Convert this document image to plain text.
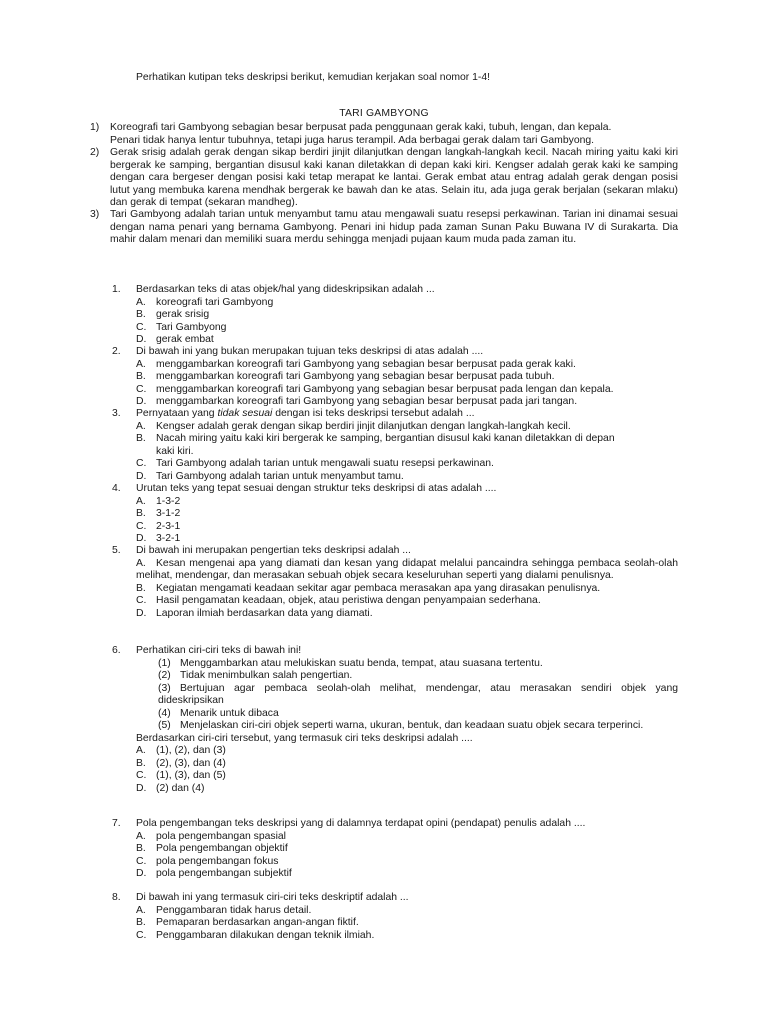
Perhatikan kutipan teks deskripsi berikut, kemudian kerjakan soal nomor 1-4!
TARI GAMBYONG
1) Koreografi tari Gambyong sebagian besar berpusat pada penggunaan gerak kaki, tubuh, lengan, dan kepala.

Penari tidak hanya lentur tubuhnya, tetapi juga harus terampil. Ada berbagai gerak dalam tari Gambyong.

2) Gerak srisig adalah gerak dengan sikap berdiri jinjit dilanjutkan dengan langkah-langkah kecil. Nacah miring yaitu kaki kiri bergerak ke samping, bergantian disusul kaki kanan diletakkan di depan kaki kiri. Kengser adalah gerak kaki ke samping dengan cara bergeser dengan posisi kaki tetap merapat ke lantai. Gerak embat atau entrag adalah gerak dengan posisi lutut yang membuka karena mendhak bergerak ke bawah dan ke atas. Selain itu, ada juga gerak berjalan (sekaran mlaku) dan gerak di tempat (sekaran mandheg).

3) Tari Gambyong adalah tarian untuk menyambut tamu atau mengawali suatu resepsi perkawinan. Tarian ini dinamai sesuai dengan nama penari yang bernama Gambyong. Penari ini hidup pada zaman Sunan Paku Buwana IV di Surakarta. Dia mahir dalam menari dan memiliki suara merdu sehingga menjadi pujaan kaum muda pada zaman itu.

1. Berdasarkan teks di atas objek/hal yang dideskripsikan adalah ...
A. koreografi tari Gambyong
B. gerak srisig
C. Tari Gambyong
D. gerak embat
2. Di bawah ini yang bukan merupakan tujuan teks deskripsi di atas adalah ....
A. menggambarkan koreografi tari Gambyong yang sebagian besar berpusat pada gerak kaki.
B. menggambarkan koreografi tari Gambyong yang sebagian besar berpusat pada tubuh.
C. menggambarkan koreografi tari Gambyong yang sebagian besar berpusat pada lengan dan kepala.
D. menggambarkan koreografi tari Gambyong yang sebagian besar berpusat pada jari tangan.
3. Pernyataan yang tidak sesuai dengan isi teks deskripsi tersebut adalah ...
A. Kengser adalah gerak dengan sikap berdiri jinjit dilanjutkan dengan langkah-langkah kecil.
B. Nacah miring yaitu kaki kiri bergerak ke samping, bergantian disusul kaki kanan diletakkan di depan
kaki kiri.
C. Tari Gambyong adalah tarian untuk mengawali suatu resepsi perkawinan.
D. Tari Gambyong adalah tarian untuk menyambut tamu.
4. Urutan teks yang tepat sesuai dengan struktur teks deskripsi di atas adalah ....
A. 1-3-2
B. 3-1-2
C. 2-3-1
D. 3-2-1
5. Di bawah ini merupakan pengertian teks deskripsi adalah ...
A. Kesan mengenai apa yang diamati dan kesan yang didapat melalui pancaindra sehingga pembaca seolah-olah melihat, mendengar, dan merasakan sebuah objek secara keseluruhan seperti yang dialami penulisnya.
B. Kegiatan mengamati keadaan sekitar agar pembaca merasakan apa yang dirasakan penulisnya.
C. Hasil pengamatan keadaan, objek, atau peristiwa dengan penyampaian sederhana.
D. Laporan ilmiah berdasarkan data yang diamati.
6. Perhatikan ciri-ciri teks di bawah ini!
(1) Menggambarkan atau melukiskan suatu benda, tempat, atau suasana tertentu.
(2) Tidak menimbulkan salah pengertian.
(3) Bertujuan agar pembaca seolah-olah melihat, mendengar, atau merasakan sendiri objek yang dideskripsikan
(4) Menarik untuk dibaca
(5) Menjelaskan ciri-ciri objek seperti warna, ukuran, bentuk, dan keadaan suatu objek secara terperinci.
Berdasarkan ciri-ciri tersebut, yang termasuk ciri teks deskripsi adalah ....
A. (1), (2), dan (3)
B. (2), (3), dan (4)
C. (1), (3), dan (5)
D. (2) dan (4)
7. Pola pengembangan teks deskripsi yang di dalamnya terdapat opini (pendapat) penulis adalah ....
A. pola pengembangan spasial
B. Pola pengembangan objektif
C. pola pengembangan fokus
D. pola pengembangan subjektif
8. Di bawah ini yang termasuk ciri-ciri teks deskriptif adalah ...
A. Penggambaran tidak harus detail.
B. Pemaparan berdasarkan angan-angan fiktif.
C. Penggambaran dilakukan dengan teknik ilmiah.
